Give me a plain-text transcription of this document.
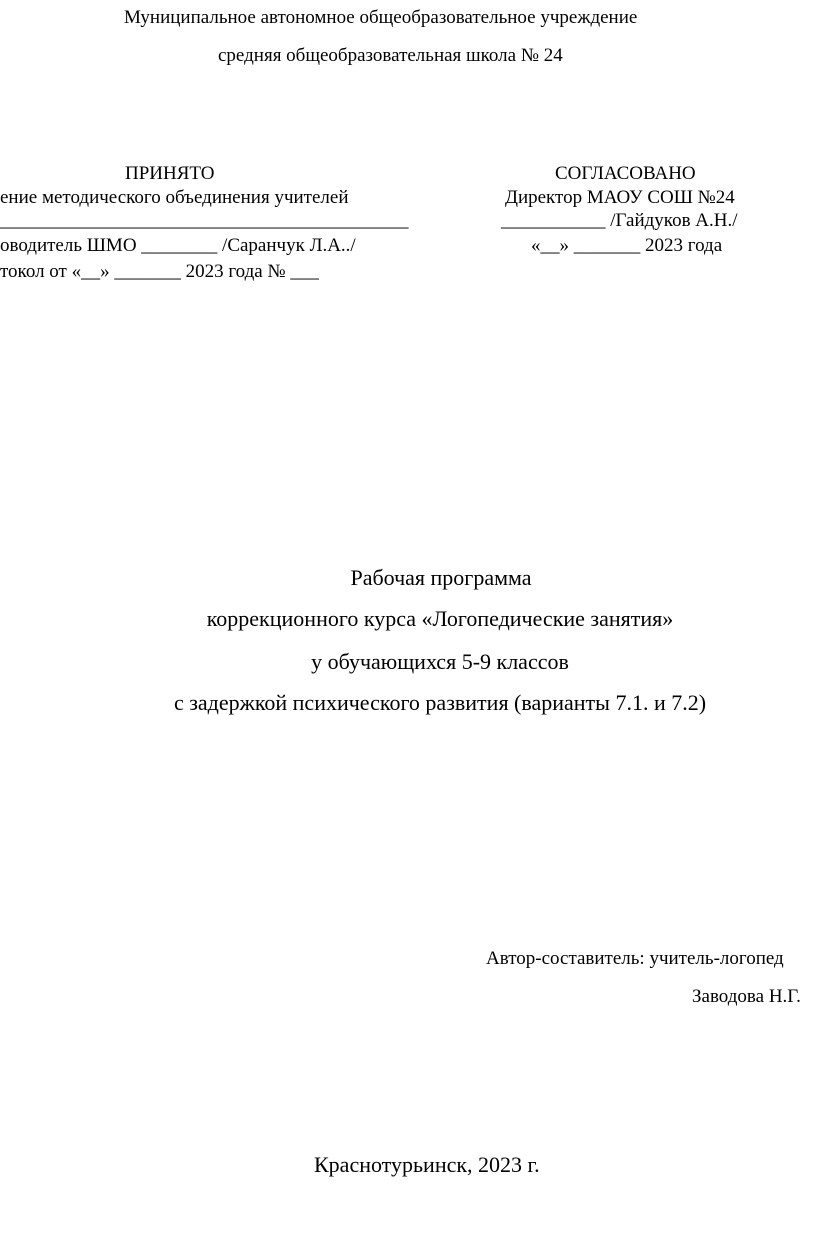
Муниципальное автономное общеобразовательное учреждение
средняя общеобразовательная школа № 24
ПРИНЯТО
ение методического объединения учителей
___________________________________________
оводитель ШМО ________ /Саранчук Л.А../
токол от «__» _______ 2023 года № ___
СОГЛАСОВАНО
Директор МАОУ СОШ №24
___________ /Гайдуков А.Н./
«__» _______ 2023 года
Рабочая программа
коррекционного курса «Логопедические занятия»
у обучающихся 5-9 классов
с задержкой психического развития (варианты 7.1. и 7.2)
Автор-составитель: учитель-логопед
Заводова Н.Г.
Краснотурьинск, 2023 г.
